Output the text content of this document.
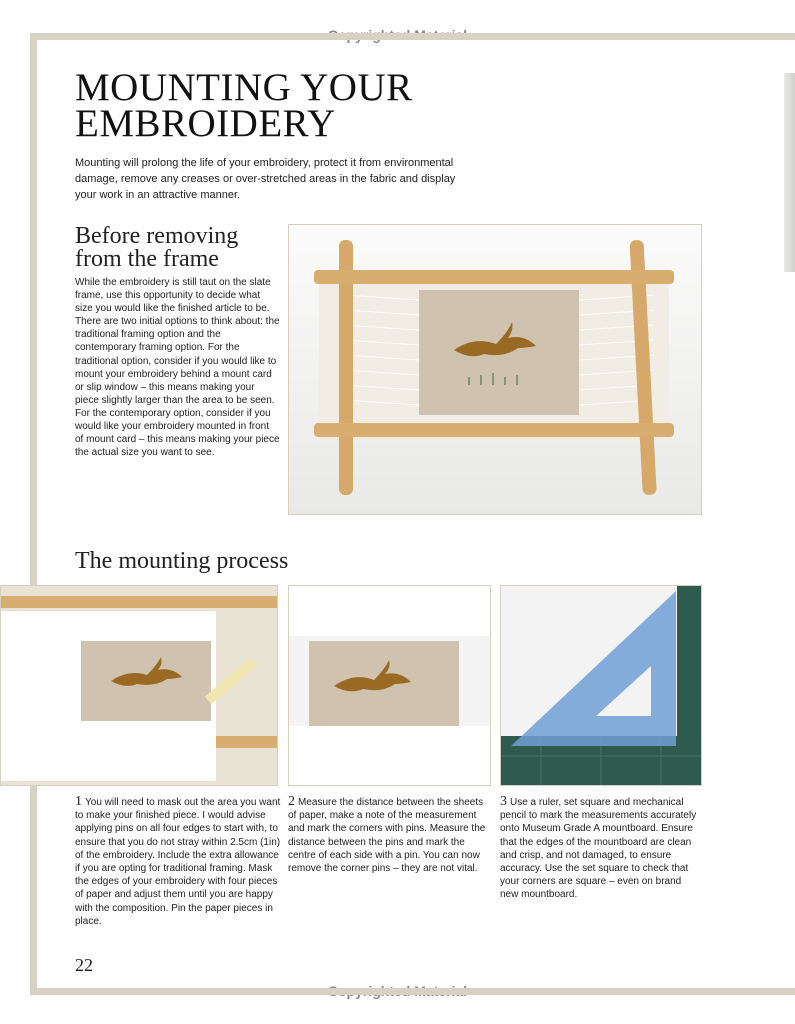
MOUNTING YOUR
EMBROIDERY

Mounting will prolong the life of your embroidery, protect it from environmental damage, remove any creases or over-stretched areas in the fabric and display your work in an attractive manner.

Before removing
from the frame

While the embroidery is still taut on the slate frame, use this opportunity to decide what size you would like the finished article to be. There are two initial options to think about: the traditional framing option and the contemporary framing option. For the traditional option, consider if you would like to mount your embroidery behind a mount card or slip window – this means making your piece slightly larger than the area to be seen. For the contemporary option, consider if you would like your embroidery mounted in front of mount card – this means making your piece the actual size you want to see.

The mounting process

1 You will need to mask out the area you want to make your finished piece. I would advise applying pins on all four edges to start with, to ensure that you do not stray within 2.5cm (1in) of the embroidery. Include the extra allowance if you are opting for traditional framing. Mask the edges of your embroidery with four pieces of paper and adjust them until you are happy with the composition. Pin the paper pieces in place.

2 Measure the distance between the sheets of paper, make a note of the measurement and mark the corners with pins. Measure the distance between the pins and mark the centre of each side with a pin. You can now remove the corner pins – they are not vital.

3 Use a ruler, set square and mechanical pencil to mark the measurements accurately onto Museum Grade A mountboard. Ensure that the edges of the mountboard are clean and crisp, and not damaged, to ensure accuracy. Use the set square to check that your corners are square – even on brand new mountboard.

22
